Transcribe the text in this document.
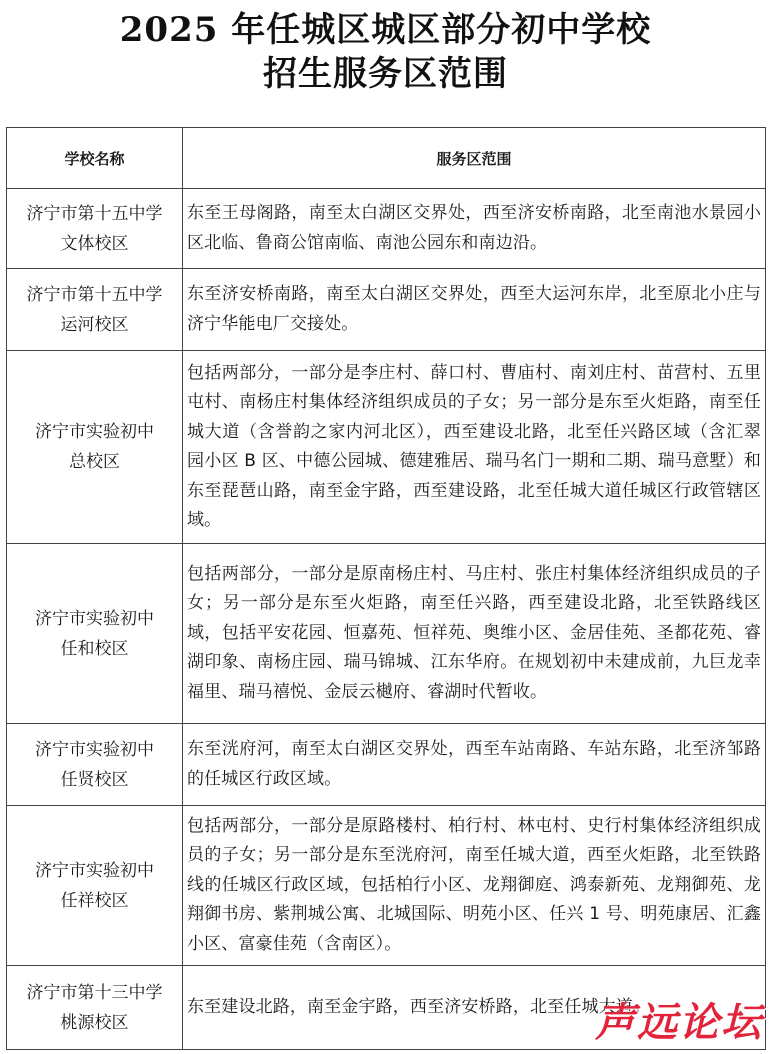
2025 年任城区城区部分初中学校
招生服务区范围
学校名称	服务区范围

济宁市第十五中学
文体校区	东至王母阁路，南至太白湖区交界处，西至济安桥南路，北至南池水景园小区北临、鲁商公馆南临、南池公园东和南边沿。

济宁市第十五中学
运河校区	东至济安桥南路，南至太白湖区交界处，西至大运河东岸，北至原北小庄与济宁华能电厂交接处。

济宁市实验初中
总校区	包括两部分，一部分是李庄村、薛口村、曹庙村、南刘庄村、苗营村、五里屯村、南杨庄村集体经济组织成员的子女；另一部分是东至火炬路，南至任城大道（含誉韵之家内河北区），西至建设北路，北至任兴路区域（含汇翠园小区 B 区、中德公园城、德建雅居、瑞马名门一期和二期、瑞马意墅）和东至琵琶山路，南至金宇路，西至建设路，北至任城大道任城区行政管辖区域。

济宁市实验初中
任和校区	包括两部分，一部分是原南杨庄村、马庄村、张庄村集体经济组织成员的子女；另一部分是东至火炬路，南至任兴路，西至建设北路，北至铁路线区域，包括平安花园、恒嘉苑、恒祥苑、奥维小区、金居佳苑、圣都花苑、睿湖印象、南杨庄园、瑞马锦城、江东华府。在规划初中未建成前，九巨龙幸福里、瑞马禧悦、金辰云樾府、睿湖时代暂收。

济宁市实验初中
任贤校区	东至洸府河，南至太白湖区交界处，西至车站南路、车站东路，北至济邹路的任城区行政区域。

济宁市实验初中
任祥校区	包括两部分，一部分是原路楼村、柏行村、林屯村、史行村集体经济组织成员的子女；另一部分是东至洸府河，南至任城大道，西至火炬路，北至铁路线的任城区行政区域，包括柏行小区、龙翔御庭、鸿泰新苑、龙翔御苑、龙翔御书房、紫荆城公寓、北城国际、明苑小区、任兴 1 号、明苑康居、汇鑫小区、富豪佳苑（含南区）。

济宁市第十三中学
桃源校区	东至建设北路，南至金宇路，西至济安桥路，北至任城大道。
声远论坛
